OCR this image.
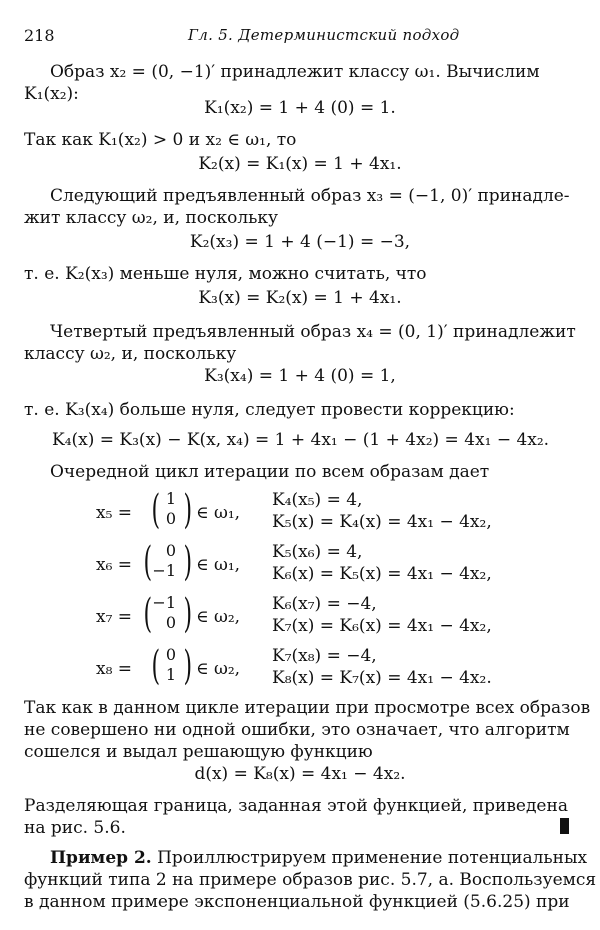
218	Гл. 5. Детерминистский подход
Образ x₂ = (0, −1)′ принадлежит классу ω₁. Вычислим
K₁(x₂):
K₁(x₂) = 1 + 4 (0) = 1.
Так как K₁(x₂) > 0 и x₂ ∈ ω₁, то
K₂(x) = K₁(x) = 1 + 4x₁.
Следующий предъявленный образ x₃ = (−1, 0)′ принадле-
жит классу ω₂, и, поскольку
K₂(x₃) = 1 + 4 (−1) = −3,
т. е. K₂(x₃) меньше нуля, можно считать, что
K₃(x) = K₂(x) = 1 + 4x₁.
Четвертый предъявленный образ x₄ = (0, 1)′ принадлежит
классу ω₂, и, поскольку
K₃(x₄) = 1 + 4 (0) = 1,
т. е. K₃(x₄) больше нуля, следует провести коррекцию:
K₄(x) = K₃(x) − K(x, x₄) = 1 + 4x₁ − (1 + 4x₂) = 4x₁ − 4x₂.
Очередной цикл итерации по всем образам дает
x₅ = ( 1
0 ) ∈ ω₁,
K₄(x₅) = 4,
K₅(x) = K₄(x) = 4x₁ − 4x₂,
x₆ = ( 0
−1 ) ∈ ω₁,
K₅(x₆) = 4,
K₆(x) = K₅(x) = 4x₁ − 4x₂,
x₇ = ( −1
0 ) ∈ ω₂,
K₆(x₇) = −4,
K₇(x) = K₆(x) = 4x₁ − 4x₂,
x₈ = ( 0
1 ) ∈ ω₂,
K₇(x₈) = −4,
K₈(x) = K₇(x) = 4x₁ − 4x₂.
Так как в данном цикле итерации при просмотре всех образов
не совершено ни одной ошибки, это означает, что алгоритм
сошелся и выдал решающую функцию
d(x) = K₈(x) = 4x₁ − 4x₂.
Разделяющая граница, заданная этой функцией, приведена
на рис. 5.6.
Пример 2. Проиллюстрируем применение потенциальных
функций типа 2 на примере образов рис. 5.7, а. Воспользуемся
в данном примере экспоненциальной функцией (5.6.25) при
